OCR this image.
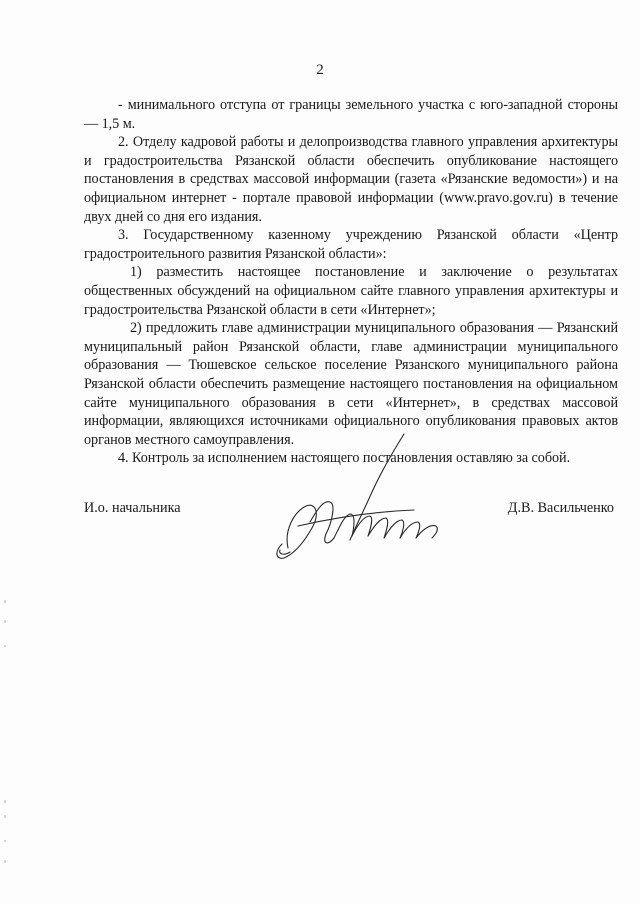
2

- минимального отступа от границы земельного участка с юго-западной стороны — 1,5 м.

2. Отделу кадровой работы и делопроизводства главного управления архитектуры и градостроительства Рязанской области обеспечить опубликование настоящего постановления в средствах массовой информации (газета «Рязанские ведомости») и на официальном интернет - портале правовой информации (www.pravo.gov.ru) в течение двух дней со дня его издания.

3. Государственному казенному учреждению Рязанской области «Центр градостроительного развития Рязанской области»:

1) разместить настоящее постановление и заключение о результатах общественных обсуждений на официальном сайте главного управления архитектуры и градостроительства Рязанской области в сети «Интернет»;

2) предложить главе администрации муниципального образования — Рязанский муниципальный район Рязанской области, главе администрации муниципального образования — Тюшевское сельское поселение Рязанского муниципального района Рязанской области обеспечить размещение настоящего постановления на официальном сайте муниципального образования в сети «Интернет», в средствах массовой информации, являющихся источниками официального опубликования правовых актов органов местного самоуправления.

4. Контроль за исполнением настоящего постановления оставляю за собой.

И.о. начальника	Д.В. Васильченко
